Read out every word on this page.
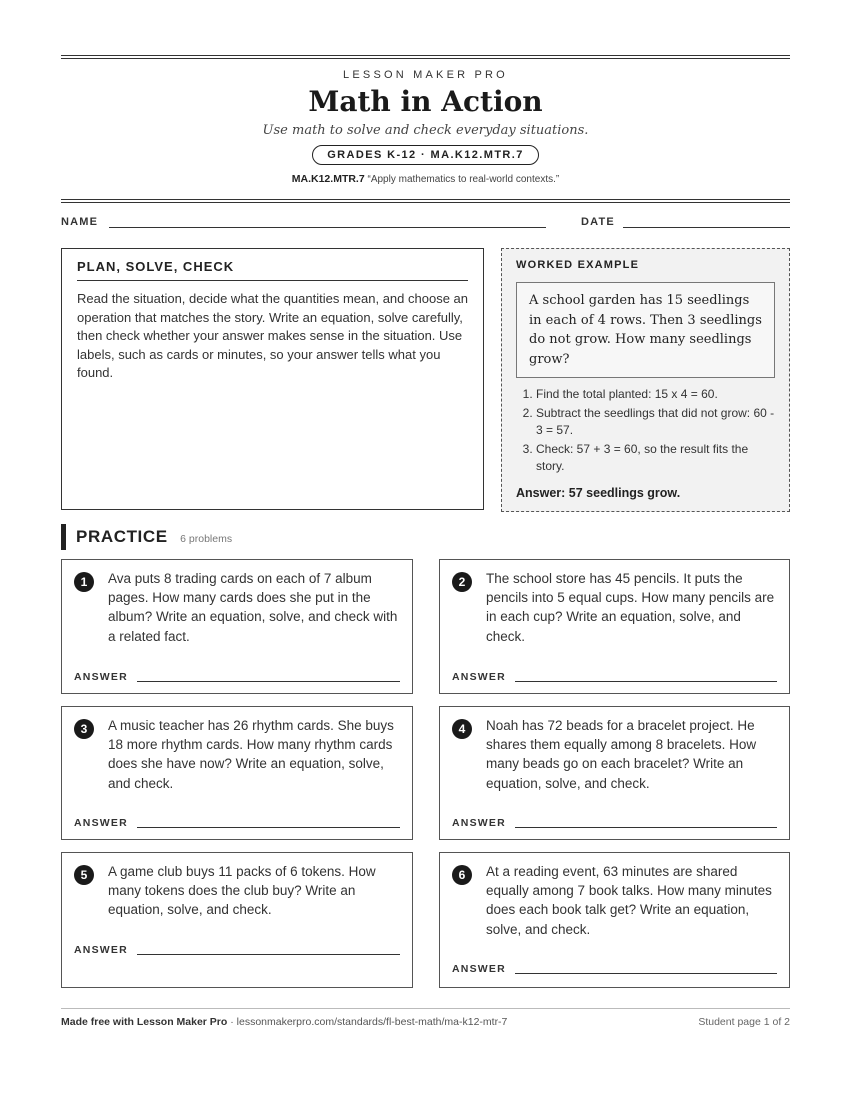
LESSON MAKER PRO
Math in Action
Use math to solve and check everyday situations.
GRADES K-12 · MA.K12.MTR.7
MA.K12.MTR.7 “Apply mathematics to real-world contexts.”
NAME	DATE
PLAN, SOLVE, CHECK
Read the situation, decide what the quantities mean, and choose an operation that matches the story. Write an equation, solve carefully, then check whether your answer makes sense in the situation. Use labels, such as cards or minutes, so your answer tells what you found.
WORKED EXAMPLE
A school garden has 15 seedlings in each of 4 rows. Then 3 seedlings do not grow. How many seedlings grow?
1. Find the total planted: 15 x 4 = 60.
2. Subtract the seedlings that did not grow: 60 - 3 = 57.
3. Check: 57 + 3 = 60, so the result fits the story.
Answer: 57 seedlings grow.
PRACTICE 6 problems
1	Ava puts 8 trading cards on each of 7 album pages. How many cards does she put in the album? Write an equation, solve, and check with a related fact.
ANSWER
2	The school store has 45 pencils. It puts the pencils into 5 equal cups. How many pencils are in each cup? Write an equation, solve, and check.
ANSWER
3	A music teacher has 26 rhythm cards. She buys 18 more rhythm cards. How many rhythm cards does she have now? Write an equation, solve, and check.
ANSWER
4	Noah has 72 beads for a bracelet project. He shares them equally among 8 bracelets. How many beads go on each bracelet? Write an equation, solve, and check.
ANSWER
5	A game club buys 11 packs of 6 tokens. How many tokens does the club buy? Write an equation, solve, and check.
ANSWER
6	At a reading event, 63 minutes are shared equally among 7 book talks. How many minutes does each book talk get? Write an equation, solve, and check.
ANSWER
Made free with Lesson Maker Pro · lessonmakerpro.com/standards/fl-best-math/ma-k12-mtr-7	Student page 1 of 2
